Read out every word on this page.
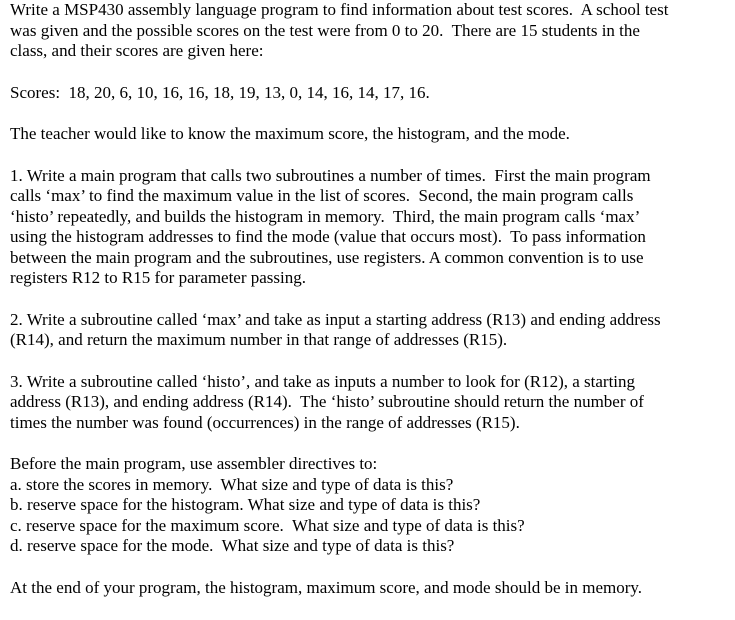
Write a MSP430 assembly language program to find information about test scores.  A school test
was given and the possible scores on the test were from 0 to 20.  There are 15 students in the
class, and their scores are given here:
Scores:  18, 20, 6, 10, 16, 16, 18, 19, 13, 0, 14, 16, 14, 17, 16.
The teacher would like to know the maximum score, the histogram, and the mode.
1. Write a main program that calls two subroutines a number of times.  First the main program
calls ‘max’ to find the maximum value in the list of scores.  Second, the main program calls
‘histo’ repeatedly, and builds the histogram in memory.  Third, the main program calls ‘max’
using the histogram addresses to find the mode (value that occurs most).  To pass information
between the main program and the subroutines, use registers. A common convention is to use
registers R12 to R15 for parameter passing.
2. Write a subroutine called ‘max’ and take as input a starting address (R13) and ending address
(R14), and return the maximum number in that range of addresses (R15).
3. Write a subroutine called ‘histo’, and take as inputs a number to look for (R12), a starting
address (R13), and ending address (R14).  The ‘histo’ subroutine should return the number of
times the number was found (occurrences) in the range of addresses (R15).
Before the main program, use assembler directives to:
a. store the scores in memory.  What size and type of data is this?
b. reserve space for the histogram. What size and type of data is this?
c. reserve space for the maximum score.  What size and type of data is this?
d. reserve space for the mode.  What size and type of data is this?
At the end of your program, the histogram, maximum score, and mode should be in memory.
